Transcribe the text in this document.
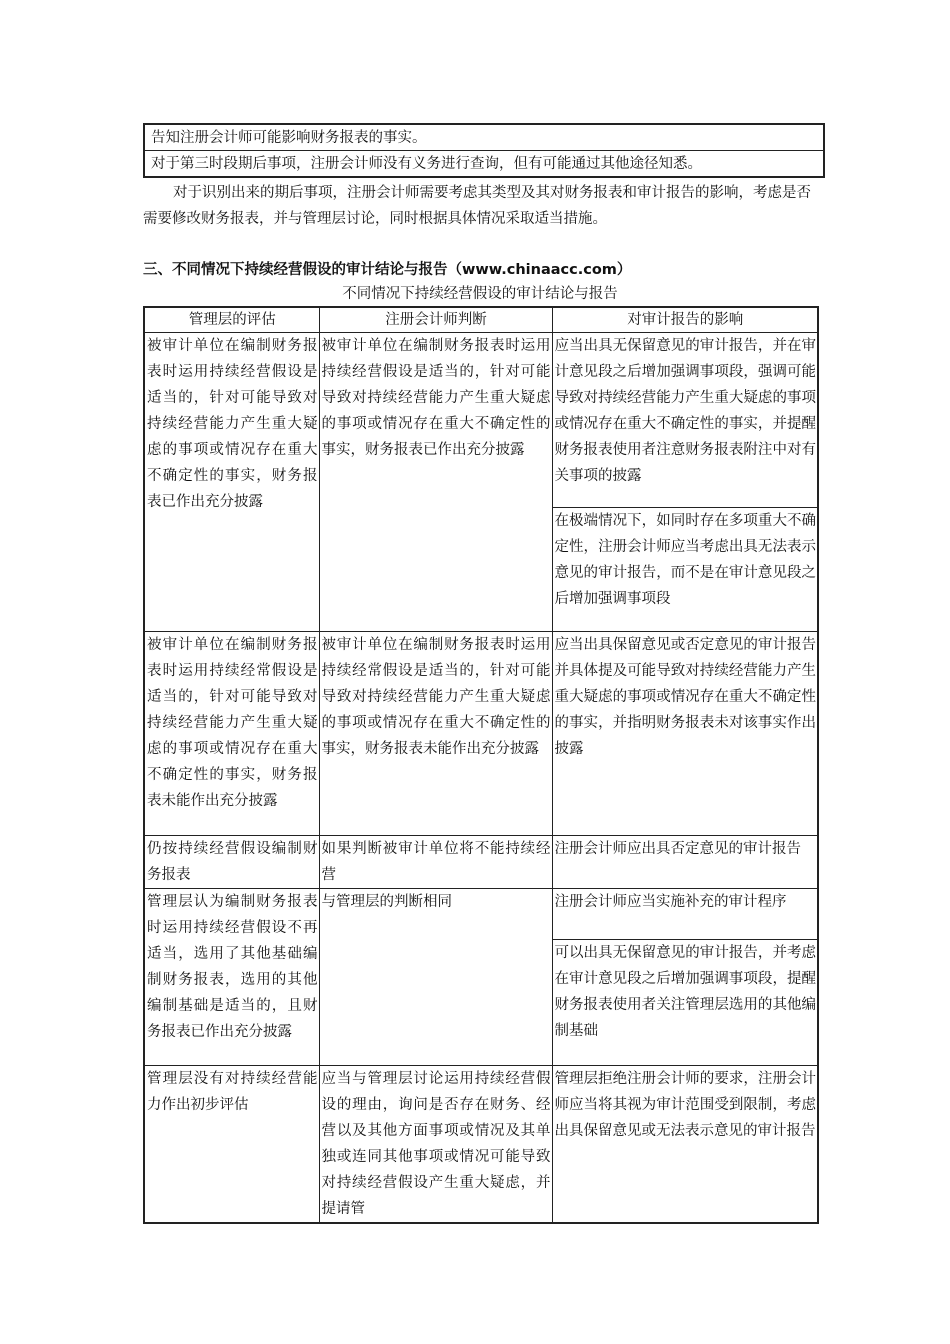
告知注册会计师可能影响财务报表的事实。
对于第三时段期后事项，注册会计师没有义务进行查询，但有可能通过其他途径知悉。

对于识别出来的期后事项，注册会计师需要考虑其类型及其对财务报表和审计报告的影响，考虑是否需要修改财务报表，并与管理层讨论，同时根据具体情况采取适当措施。

三、不同情况下持续经营假设的审计结论与报告（www.chinaacc.com）

不同情况下持续经营假设的审计结论与报告

管理层的评估	注册会计师判断	对审计报告的影响
被审计单位在编制财务报表时运用持续经营假设是适当的，针对可能导致对持续经营能力产生重大疑虑的事项或情况存在重大不确定性的事实，财务报表已作出充分披露	被审计单位在编制财务报表时运用持续经营假设是适当的，针对可能导致对持续经营能力产生重大疑虑的事项或情况存在重大不确定性的事实，财务报表已作出充分披露	应当出具无保留意见的审计报告，并在审计意见段之后增加强调事项段，强调可能导致对持续经营能力产生重大疑虑的事项或情况存在重大不确定性的事实，并提醒财务报表使用者注意财务报表附注中对有关事项的披露
		在极端情况下，如同时存在多项重大不确定性，注册会计师应当考虑出具无法表示意见的审计报告，而不是在审计意见段之后增加强调事项段
被审计单位在编制财务报表时运用持续经常假设是适当的，针对可能导致对持续经营能力产生重大疑虑的事项或情况存在重大不确定性的事实，财务报表未能作出充分披露	被审计单位在编制财务报表时运用持续经常假设是适当的，针对可能导致对持续经营能力产生重大疑虑的事项或情况存在重大不确定性的事实，财务报表未能作出充分披露	应当出具保留意见或否定意见的审计报告并具体提及可能导致对持续经营能力产生重大疑虑的事项或情况存在重大不确定性的事实，并指明财务报表未对该事实作出披露
仍按持续经营假设编制财务报表	如果判断被审计单位将不能持续经营	注册会计师应出具否定意见的审计报告
管理层认为编制财务报表时运用持续经营假设不再适当，选用了其他基础编制财务报表，选用的其他编制基础是适当的，且财务报表已作出充分披露	与管理层的判断相同	注册会计师应当实施补充的审计程序
		可以出具无保留意见的审计报告，并考虑在审计意见段之后增加强调事项段，提醒财务报表使用者关注管理层选用的其他编制基础
管理层没有对持续经营能力作出初步评估	应当与管理层讨论运用持续经营假设的理由，询问是否存在财务、经营以及其他方面事项或情况及其单独或连同其他事项或情况可能导致对持续经营假设产生重大疑虑，并提请管	管理层拒绝注册会计师的要求，注册会计师应当将其视为审计范围受到限制，考虑出具保留意见或无法表示意见的审计报告
